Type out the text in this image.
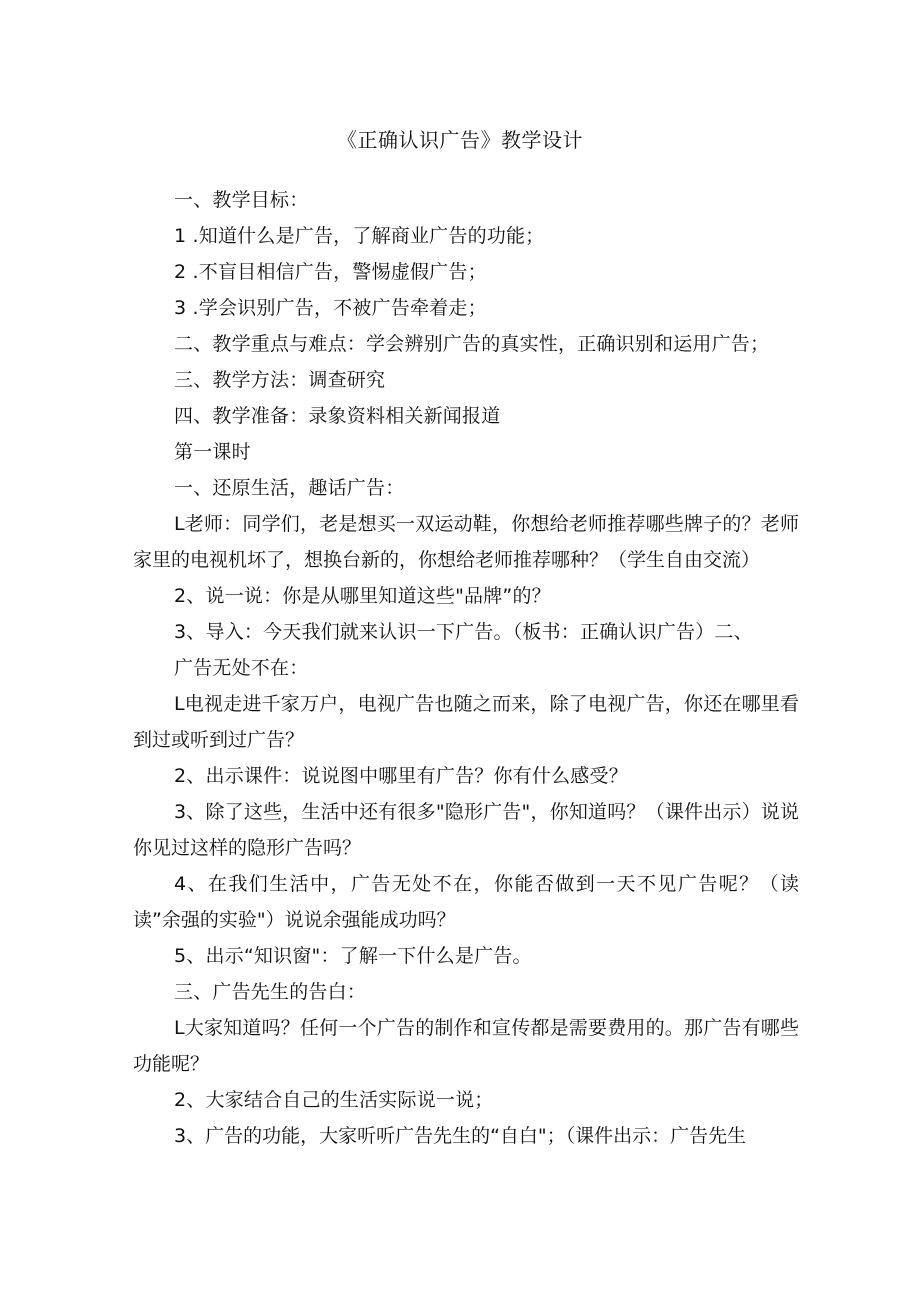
《正确认识广告》教学设计

一、教学目标：

1 .知道什么是广告，了解商业广告的功能；

2 .不盲目相信广告，警惕虚假广告；

3 .学会识别广告，不被广告牵着走；

二、教学重点与难点：学会辨别广告的真实性，正确识别和运用广告；

三、教学方法：调查研究

四、教学准备：录象资料相关新闻报道

第一课时

一、还原生活，趣话广告：

L老师：同学们，老是想买一双运动鞋，你想给老师推荐哪些牌子的？老师家里的电视机坏了，想换台新的，你想给老师推荐哪种？（学生自由交流）

2、说一说：你是从哪里知道这些"品牌”的？

3、导入：今天我们就来认识一下广告。（板书：正确认识广告）二、

广告无处不在：

L电视走进千家万户，电视广告也随之而来，除了电视广告，你还在哪里看到过或听到过广告？

2、出示课件：说说图中哪里有广告？你有什么感受？

3、除了这些，生活中还有很多"隐形广告"，你知道吗？（课件出示）说说你见过这样的隐形广告吗？

4、在我们生活中，广告无处不在，你能否做到一天不见广告呢？（读读”余强的实验"）说说余强能成功吗？

5、出示“知识窗"：了解一下什么是广告。

三、广告先生的告白：

L大家知道吗？任何一个广告的制作和宣传都是需要费用的。那广告有哪些功能呢？

2、大家结合自己的生活实际说一说；

3、广告的功能，大家听听广告先生的“自白"；（课件出示：广告先生
